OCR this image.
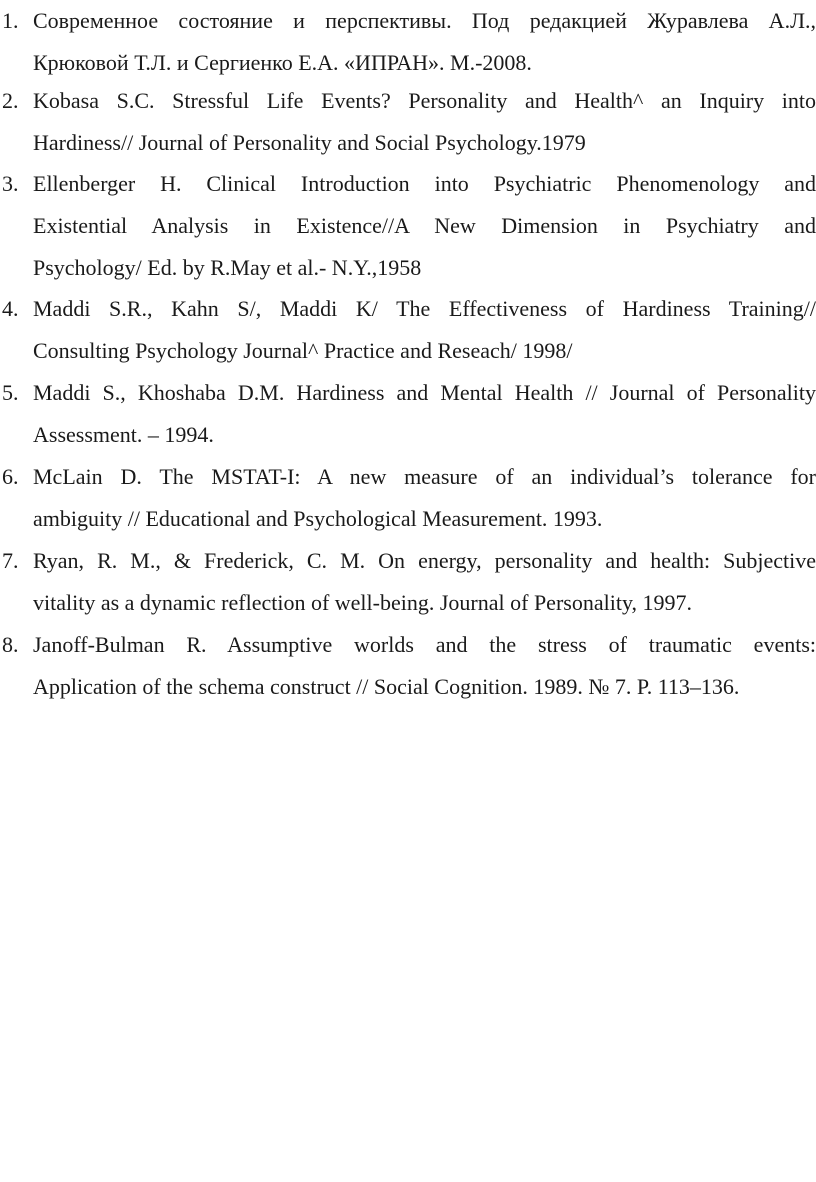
1. Современное состояние и перспективы. Под редакцией Журавлева А.Л.,
Крюковой Т.Л. и Сергиенко Е.А. «ИПРАН». М.-2008.
2. Kobasa S.C. Stressful Life Events? Personality and Health^ an Inquiry into
Hardiness// Journal of Personality and Social Psychology.1979
3. Ellenberger H. Clinical Introduction into Psychiatric Phenomenology and
Existential Analysis in Existence//A New Dimension in Psychiatry and
Psychology/ Ed. by R.May et al.- N.Y.,1958
4. Maddi S.R., Kahn S/, Maddi K/ The Effectiveness of Hardiness Training//
Consulting Psychology Journal^ Practice and Reseach/ 1998/
5. Maddi S., Khoshaba D.M. Hardiness and Mental Health // Journal of Personality
Assessment. – 1994.
6. McLain D. The MSTAT-I: A new measure of an individual’s tolerance for
ambiguity // Educational and Psychological Measurement. 1993.
7. Ryan, R. M., & Frederick, C. M. On energy, personality and health: Subjective
vitality as a dynamic reflection of well-being. Journal of Personality, 1997.
8. Janoff-Bulman R. Assumptive worlds and the stress of traumatic events:
Application of the schema construct // Social Cognition. 1989. № 7. P. 113–136.
